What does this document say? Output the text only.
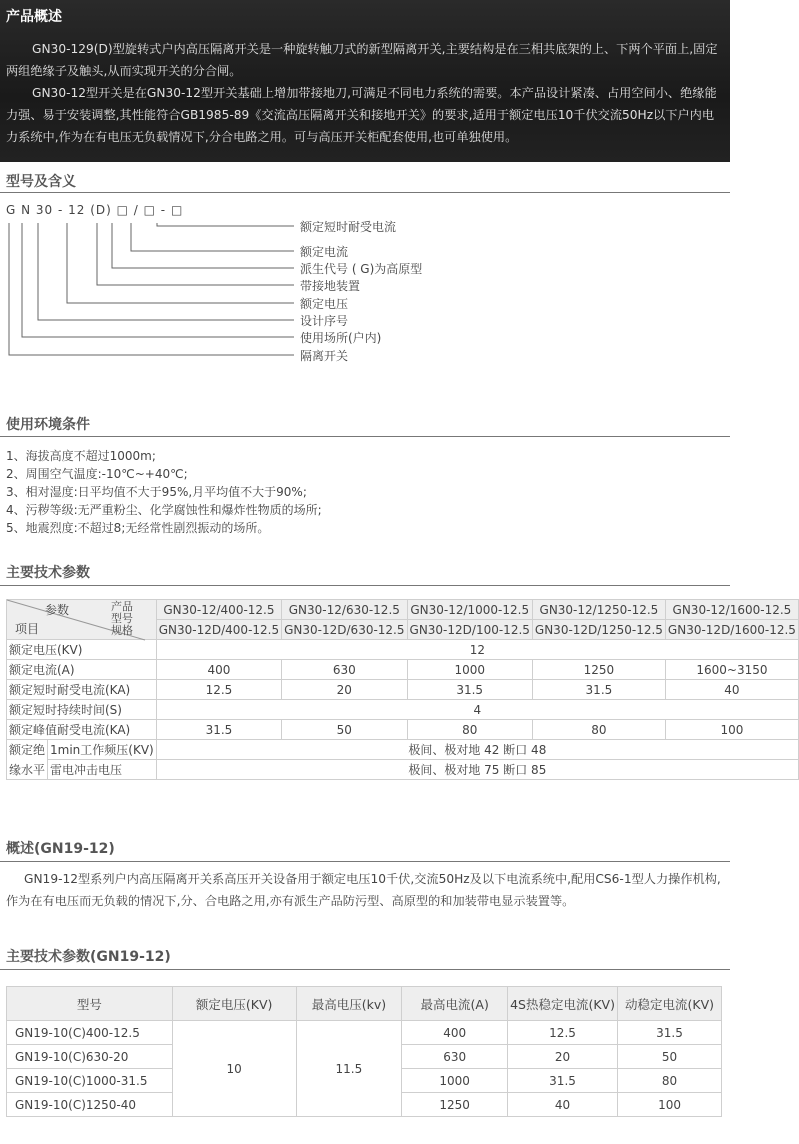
产品概述

GN30-129(D)型旋转式户内高压隔离开关是一种旋转触刀式的新型隔离开关,主要结构是在三相共底架的上、下两个平面上,固定两组绝缘子及触头,从而实现开关的分合闸。

GN30-12型开关是在GN30-12型开关基础上增加带接地刀,可满足不同电力系统的需要。本产品设计紧凑、占用空间小、绝缘能力强、易于安装调整,其性能符合GB1985-89《交流高压隔离开关和接地开关》的要求,适用于额定电压10千伏交流50Hz以下户内电力系统中,作为在有电压无负载情况下,分合电路之用。可与高压开关柜配套使用,也可单独使用。

型号及含义
G N 30 - 12 (D) □ / □ - □
额定短时耐受电流
额定电流
派生代号 ( G)为高原型
带接地装置
额定电压
设计序号
使用场所(户内)
隔离开关
使用环境条件
1、海拔高度不超过1000m;
2、周围空气温度:-10℃~+40℃;
3、相对湿度:日平均值不大于95%,月平均值不大于90%;
4、污秽等级:无严重粉尘、化学腐蚀性和爆炸性物质的场所;
5、地震烈度:不超过8;无经常性剧烈振动的场所。
主要技术参数
参数 产品型号规格
项目		GN30-12/400-12.5	GN30-12/630-12.5	GN30-12/1000-12.5	GN30-12/1250-12.5	GN30-12/1600-12.5
		GN30-12D/400-12.5	GN30-12D/630-12.5	GN30-12D/100-12.5	GN30-12D/1250-12.5	GN30-12D/1600-12.5
额定电压(KV)		12				
额定电流(A)		400	630	1000	1250	1600~3150
额定短时耐受电流(KA)		12.5	20	31.5	31.5	40
额定短时持续时间(S)		4				
额定峰值耐受电流(KA)		31.5	50	80	80	100
额定绝	1min工作频压(KV)	极间、极对地 42 断口 48				
缘水平	雷电冲击电压	极间、极对地 75 断口 85				
概述(GN19-12)
GN19-12型系列户内高压隔离开关系高压开关设备用于额定电压10千伏,交流50Hz及以下电流系统中,配用CS6-1型人力操作机构,作为在有电压而无负载的情况下,分、合电路之用,亦有派生产品防污型、高原型的和加装带电显示装置等。
主要技术参数(GN19-12)
型号	额定电压(KV)	最高电压(kv)	最高电流(A)	4S热稳定电流(KV)	动稳定电流(KV)
GN19-10(C)400-12.5	10	11.5	400	12.5	31.5
GN19-10(C)630-20			630	20	50
GN19-10(C)1000-31.5			1000	31.5	80
GN19-10(C)1250-40			1250	40	100
